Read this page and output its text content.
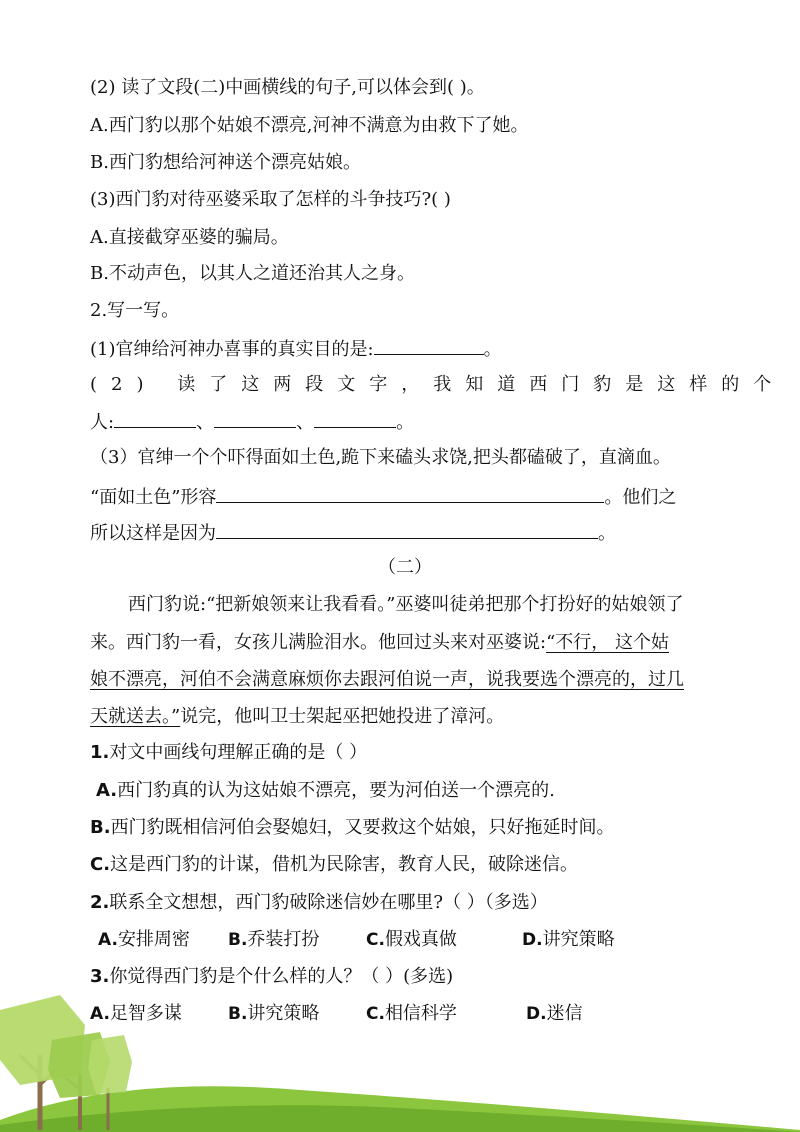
(2) 读了文段(二)中画横线的句子,可以体会到( )。
A.西门豹以那个姑娘不漂亮,河神不满意为由救下了她。
B.西门豹想给河神送个漂亮姑娘。
(3)西门豹对待巫婆采取了怎样的斗争技巧?( )
A.直接截穿巫婆的骗局。
B.不动声色，以其人之道还治其人之身。
2.写一写。
(1)官绅给河神办喜事的真实目的是:	。
(2) 读了这两段文字，我知道西门豹是这样的个
人:	、	、	。
（3）官绅一个个吓得面如土色,跪下来磕头求饶,把头都磕破了，直滴血。
“面如土色”形容	。他们之
所以这样是因为	。
（二）
西门豹说:“把新娘领来让我看看。”巫婆叫徒弟把那个打扮好的姑娘领了
来。西门豹一看，女孩儿满脸泪水。他回过头来对巫婆说:“不行， 这个姑
娘不漂亮，河伯不会满意麻烦你去跟河伯说一声，说我要选个漂亮的，过几
天就送去。”说完，他叫卫士架起巫把她投进了漳河。
1.对文中画线句理解正确的是（ ）
A.西门豹真的认为这姑娘不漂亮，要为河伯送一个漂亮的.
B.西门豹既相信河伯会娶媳妇，又要救这个姑娘，只好拖延时间。
C.这是西门豹的计谋，借机为民除害，教育人民，破除迷信。
2.联系全文想想，西门豹破除迷信妙在哪里?（ ）（多选）
A.安排周密 B.乔装打扮	C.假戏真做	D.讲究策略
3.你觉得西门豹是个什么样的人？（ ）(多选)
A.足智多谋	B.讲究策略	C.相信科学	D.迷信
